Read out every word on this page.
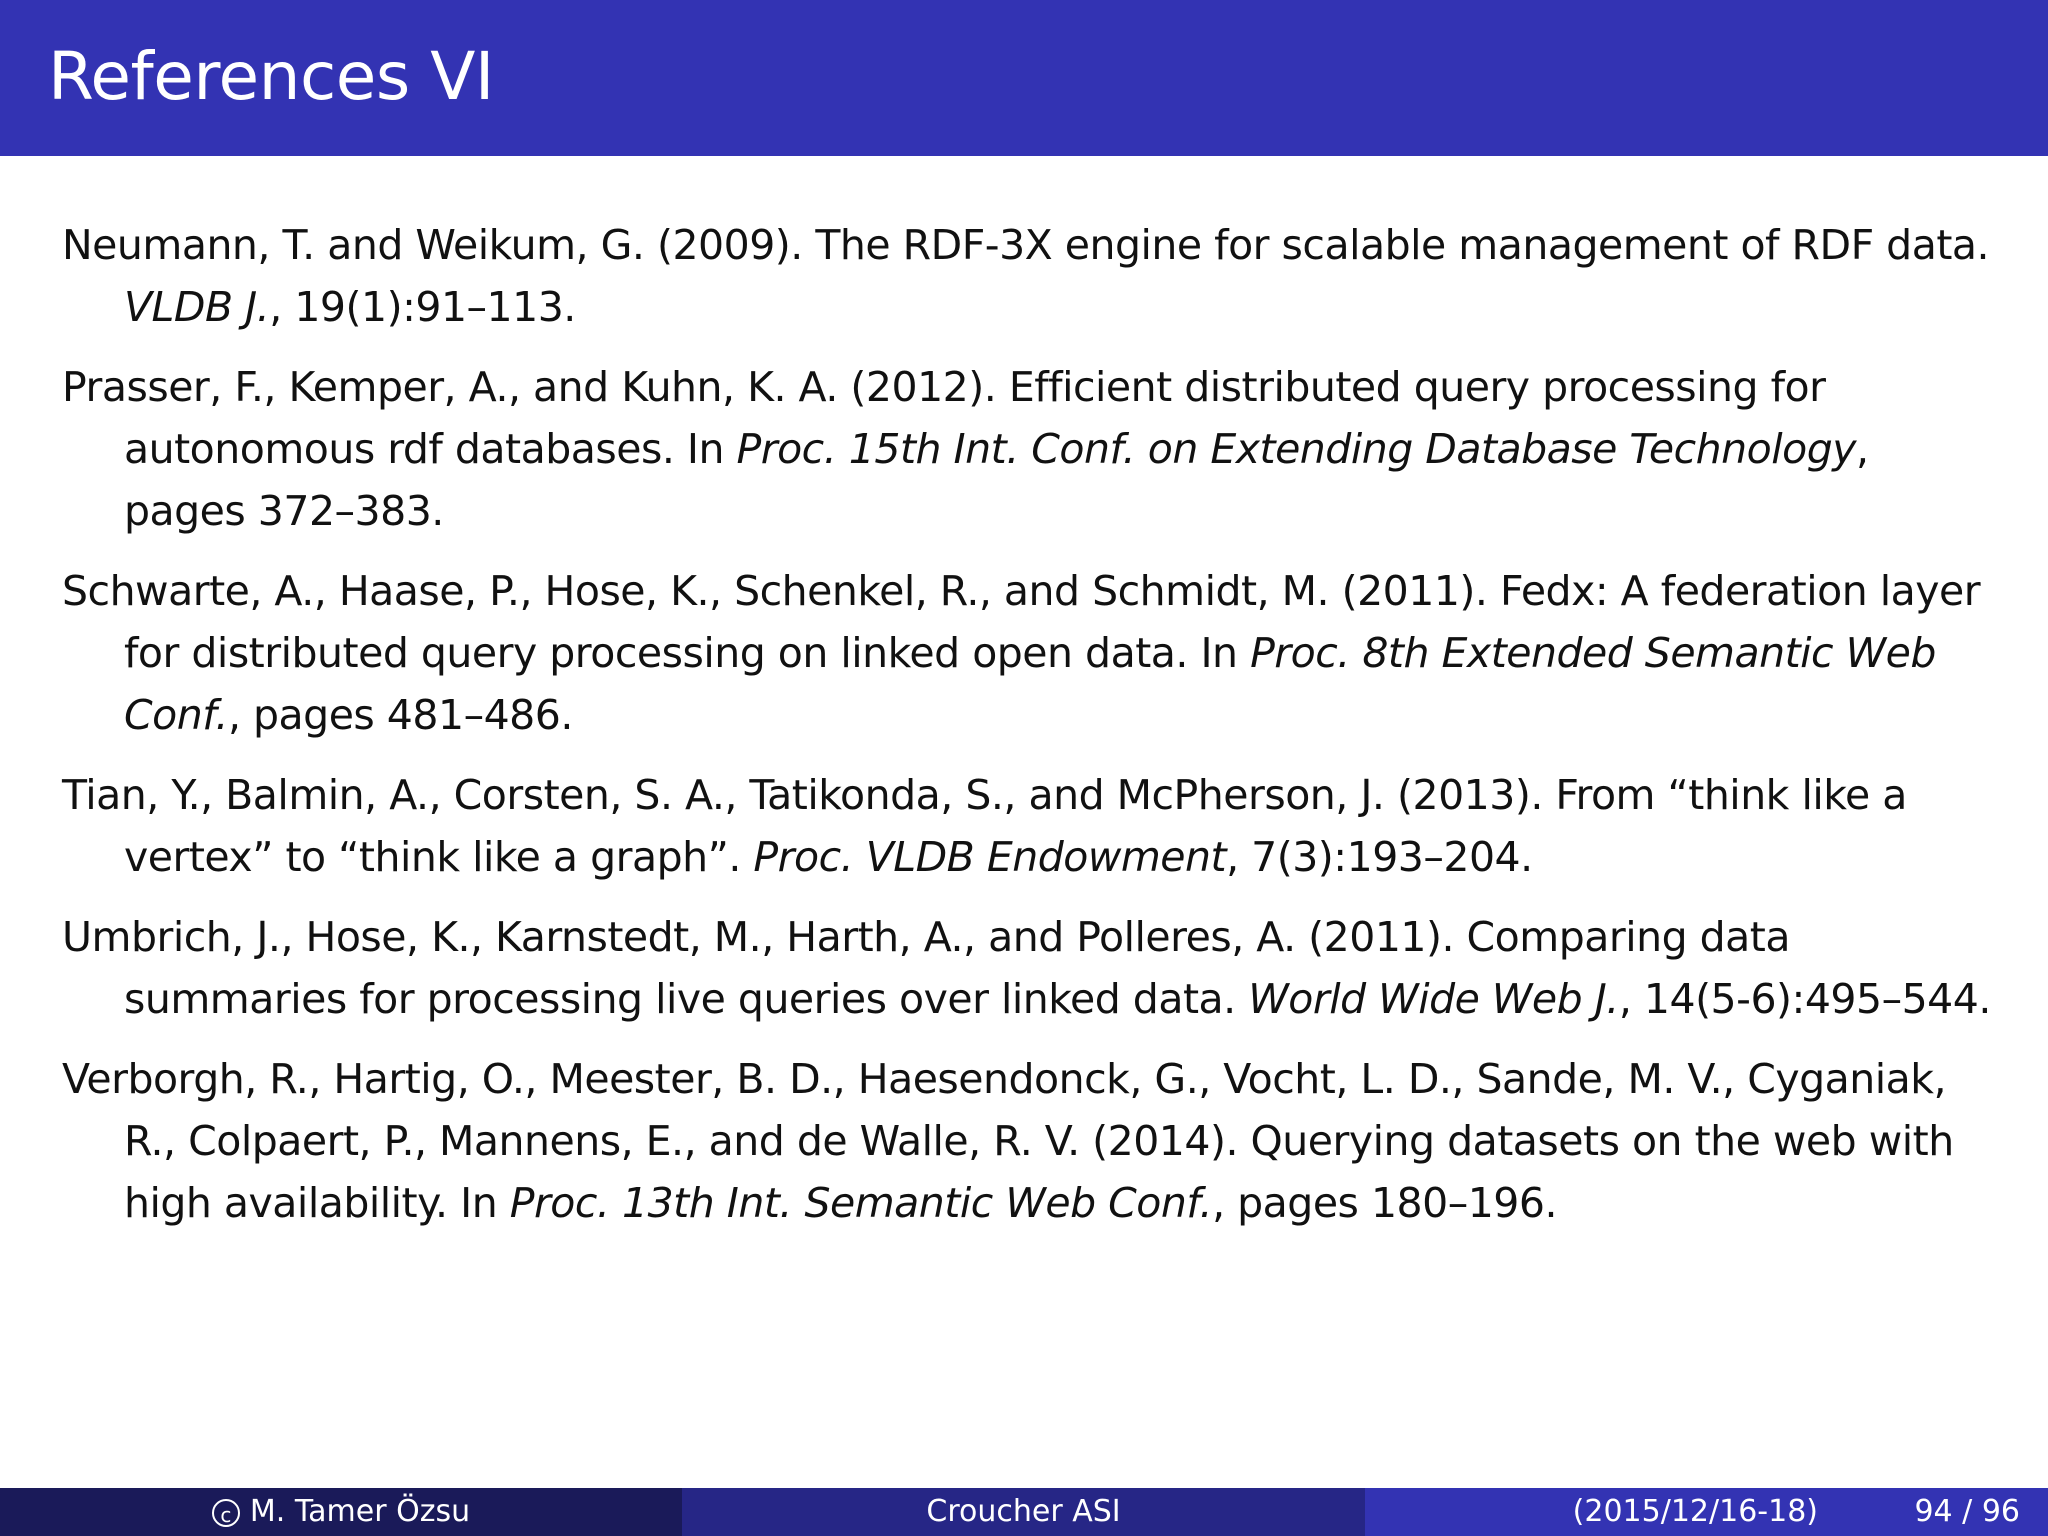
References VI

Neumann, T. and Weikum, G. (2009). The RDF-3X engine for scalable management of RDF data. VLDB J., 19(1):91–113.

Prasser, F., Kemper, A., and Kuhn, K. A. (2012). Efficient distributed query processing for autonomous rdf databases. In Proc. 15th Int. Conf. on Extending Database Technology, pages 372–383.

Schwarte, A., Haase, P., Hose, K., Schenkel, R., and Schmidt, M. (2011). Fedx: A federation layer for distributed query processing on linked open data. In Proc. 8th Extended Semantic Web Conf., pages 481–486.

Tian, Y., Balmin, A., Corsten, S. A., Tatikonda, S., and McPherson, J. (2013). From “think like a vertex” to “think like a graph”. Proc. VLDB Endowment, 7(3):193–204.

Umbrich, J., Hose, K., Karnstedt, M., Harth, A., and Polleres, A. (2011). Comparing data summaries for processing live queries over linked data. World Wide Web J., 14(5-6):495–544.

Verborgh, R., Hartig, O., Meester, B. D., Haesendonck, G., Vocht, L. D., Sande, M. V., Cyganiak, R., Colpaert, P., Mannens, E., and de Walle, R. V. (2014). Querying datasets on the web with high availability. In Proc. 13th Int. Semantic Web Conf., pages 180–196.

c M. Tamer Özsu	Croucher ASI	(2015/12/16-18)	94 / 96
